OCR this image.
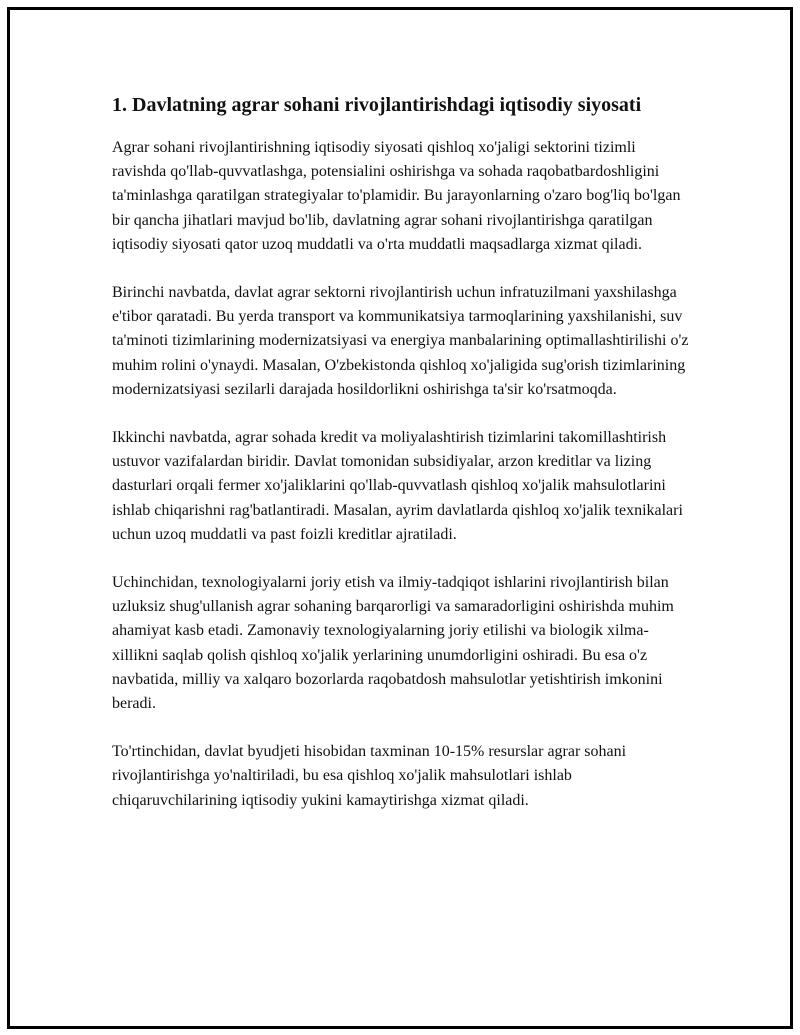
1. Davlatning agrar sohani rivojlantirishdagi iqtisodiy siyosati

Agrar sohani rivojlantirishning iqtisodiy siyosati qishloq xo'jaligi sektorini tizimli ravishda qo'llab-quvvatlashga, potensialini oshirishga va sohada raqobatbardoshligini ta'minlashga qaratilgan strategiyalar to'plamidir. Bu jarayonlarning o'zaro bog'liq bo'lgan bir qancha jihatlari mavjud bo'lib, davlatning agrar sohani rivojlantirishga qaratilgan iqtisodiy siyosati qator uzoq muddatli va o'rta muddatli maqsadlarga xizmat qiladi.

Birinchi navbatda, davlat agrar sektorni rivojlantirish uchun infratuzilmani yaxshilashga e'tibor qaratadi. Bu yerda transport va kommunikatsiya tarmoqlarining yaxshilanishi, suv ta'minoti tizimlarining modernizatsiyasi va energiya manbalarining optimallashtirilishi o'z muhim rolini o'ynaydi. Masalan, O'zbekistonda qishloq xo'jaligida sug'orish tizimlarining modernizatsiyasi sezilarli darajada hosildorlikni oshirishga ta'sir ko'rsatmoqda.

Ikkinchi navbatda, agrar sohada kredit va moliyalashtirish tizimlarini takomillashtirish ustuvor vazifalardan biridir. Davlat tomonidan subsidiyalar, arzon kreditlar va lizing dasturlari orqali fermer xo'jaliklarini qo'llab-quvvatlash qishloq xo'jalik mahsulotlarini ishlab chiqarishni rag'batlantiradi. Masalan, ayrim davlatlarda qishloq xo'jalik texnikalari uchun uzoq muddatli va past foizli kreditlar ajratiladi.

Uchinchidan, texnologiyalarni joriy etish va ilmiy-tadqiqot ishlarini rivojlantirish bilan uzluksiz shug'ullanish agrar sohaning barqarorligi va samaradorligini oshirishda muhim ahamiyat kasb etadi. Zamonaviy texnologiyalarning joriy etilishi va biologik xilma-xillikni saqlab qolish qishloq xo'jalik yerlarining unumdorligini oshiradi. Bu esa o'z navbatida, milliy va xalqaro bozorlarda raqobatdosh mahsulotlar yetishtirish imkonini beradi.

To'rtinchidan, davlat byudjeti hisobidan taxminan 10-15% resurslar agrar sohani rivojlantirishga yo'naltiriladi, bu esa qishloq xo'jalik mahsulotlari ishlab chiqaruvchilarining iqtisodiy yukini kamaytirishga xizmat qiladi.
